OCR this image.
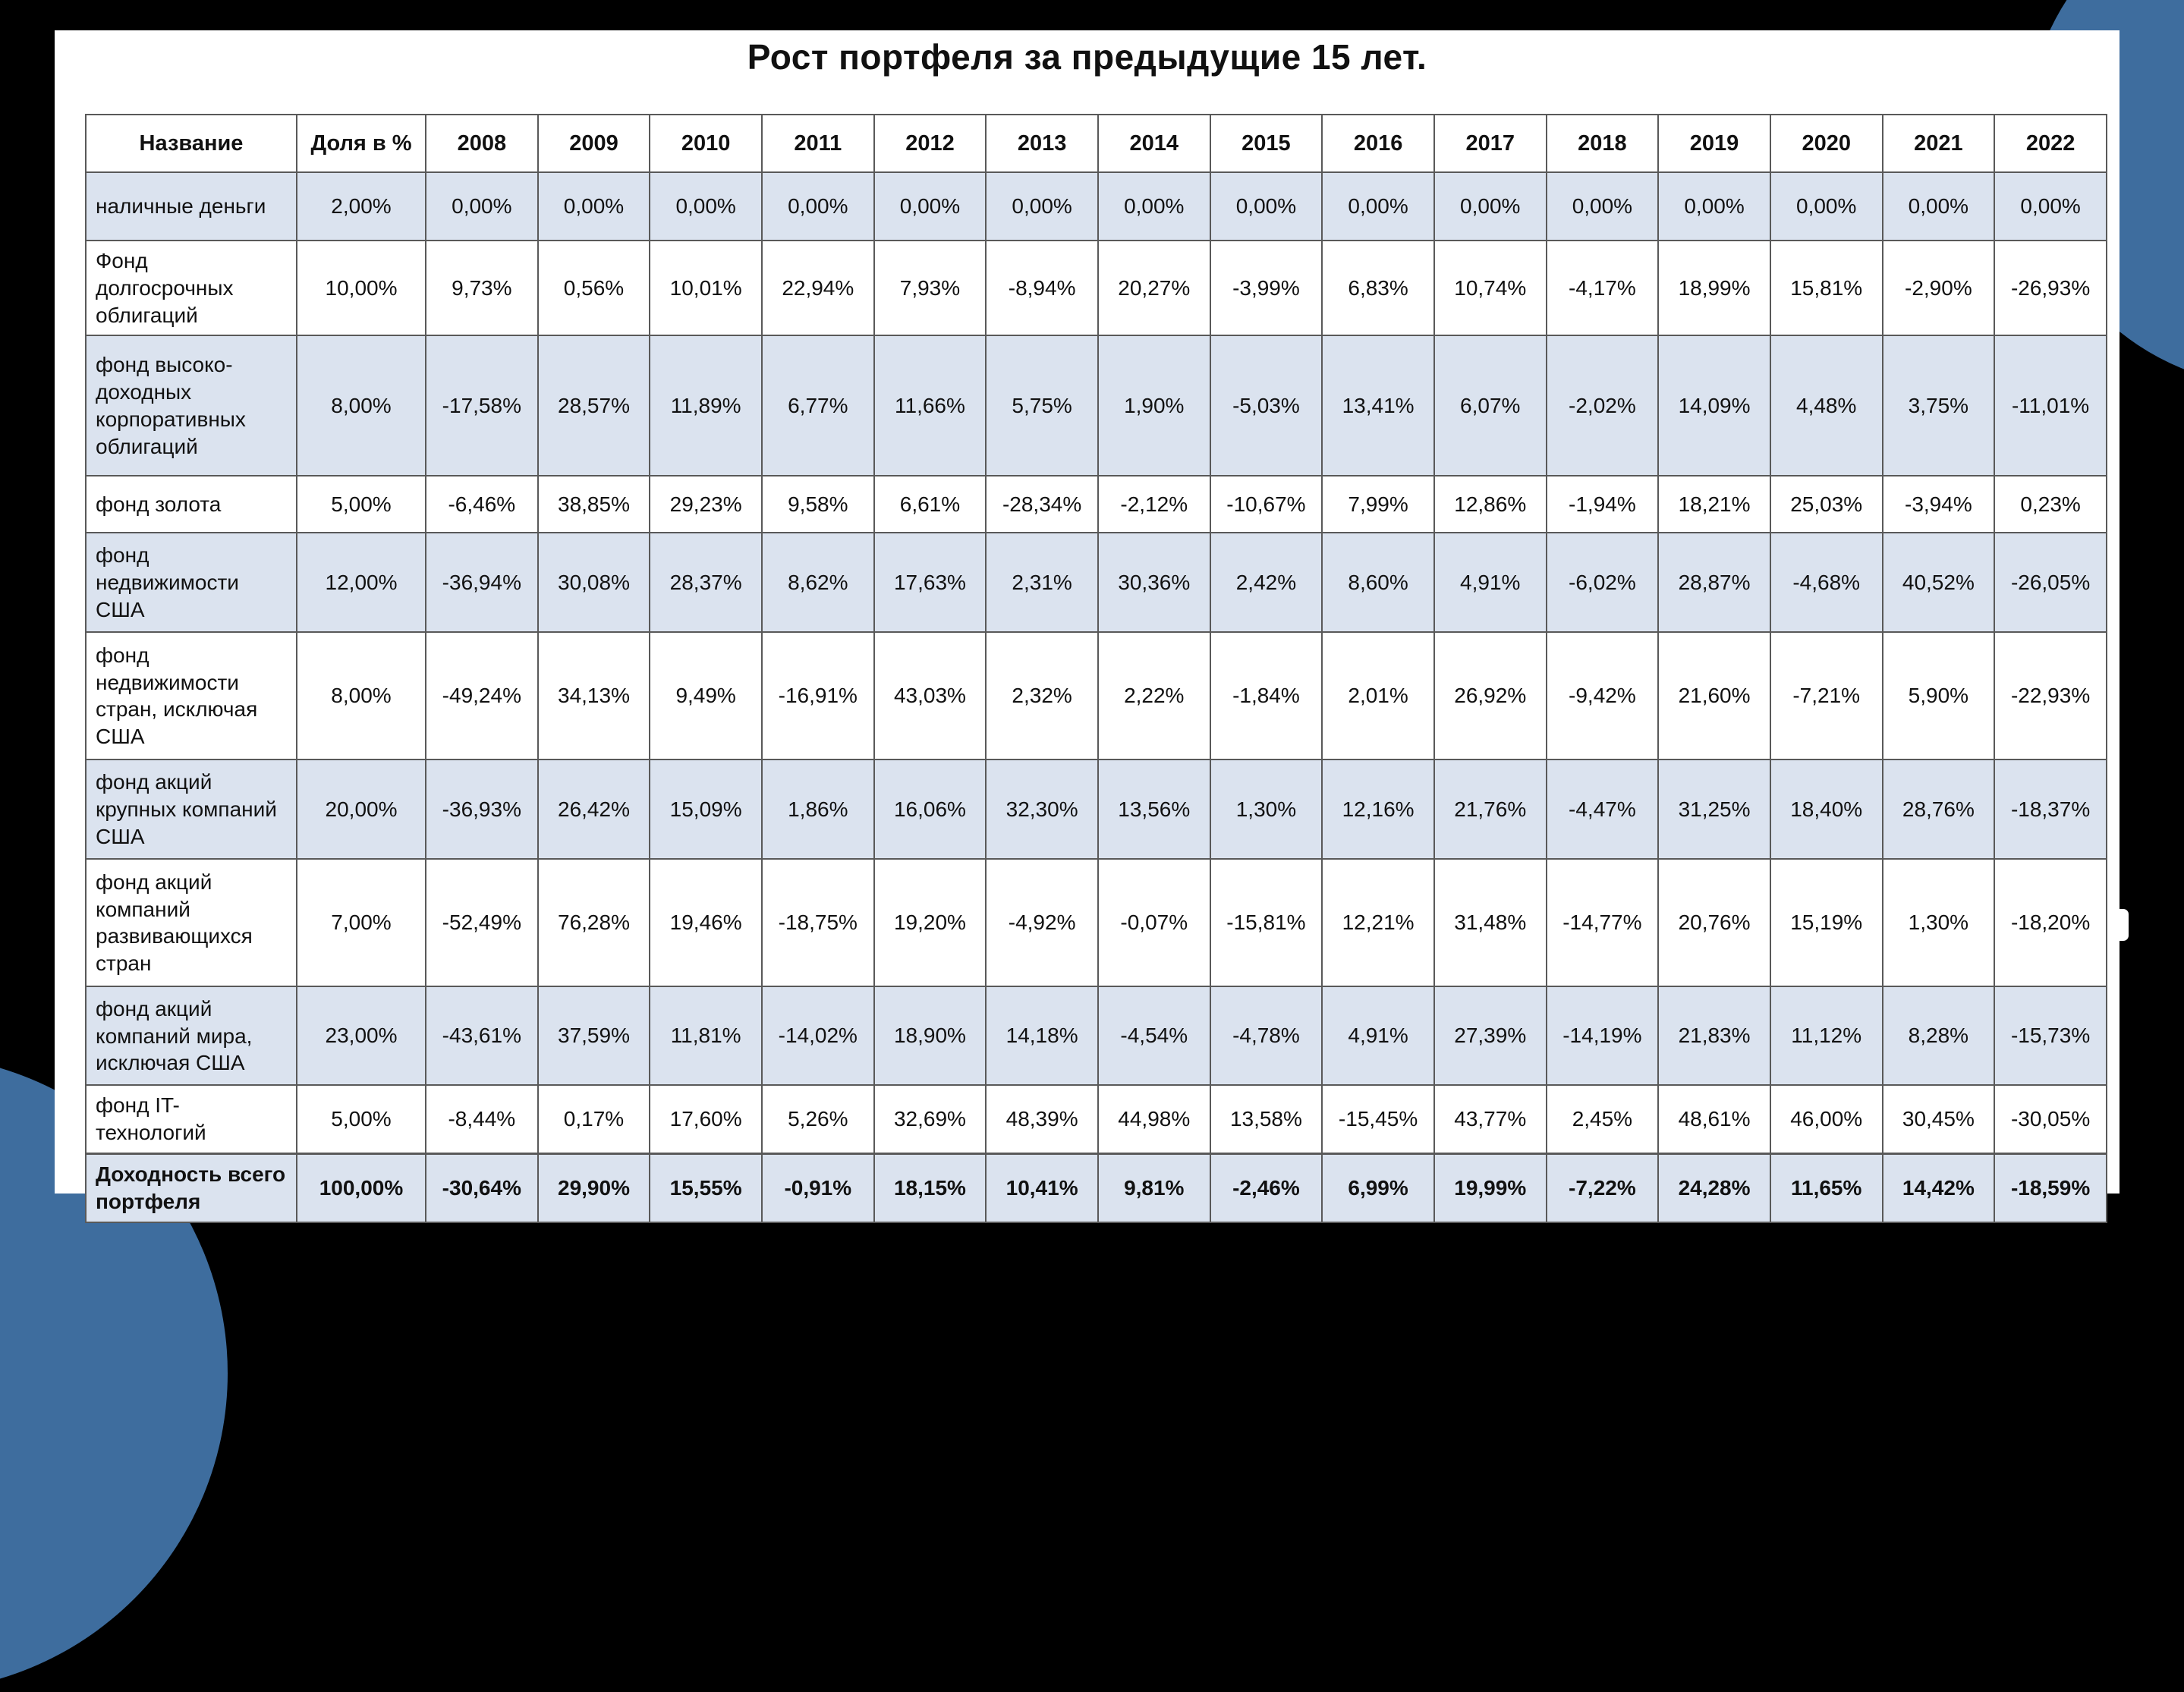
Рост портфеля за предыдущие 15 лет.
Название	Доля в %	2008	2009	2010	2011	2012	2013	2014	2015	2016	2017	2018	2019	2020	2021	2022
наличные деньги	2,00%	0,00%	0,00%	0,00%	0,00%	0,00%	0,00%	0,00%	0,00%	0,00%	0,00%	0,00%	0,00%	0,00%	0,00%	0,00%
Фонд долгосрочных облигаций	10,00%	9,73%	0,56%	10,01%	22,94%	7,93%	-8,94%	20,27%	-3,99%	6,83%	10,74%	-4,17%	18,99%	15,81%	-2,90%	-26,93%
фонд высоко-доходных корпоративных облигаций	8,00%	-17,58%	28,57%	11,89%	6,77%	11,66%	5,75%	1,90%	-5,03%	13,41%	6,07%	-2,02%	14,09%	4,48%	3,75%	-11,01%
фонд золота	5,00%	-6,46%	38,85%	29,23%	9,58%	6,61%	-28,34%	-2,12%	-10,67%	7,99%	12,86%	-1,94%	18,21%	25,03%	-3,94%	0,23%
фонд недвижимости США	12,00%	-36,94%	30,08%	28,37%	8,62%	17,63%	2,31%	30,36%	2,42%	8,60%	4,91%	-6,02%	28,87%	-4,68%	40,52%	-26,05%
фонд недвижимости стран, исключая США	8,00%	-49,24%	34,13%	9,49%	-16,91%	43,03%	2,32%	2,22%	-1,84%	2,01%	26,92%	-9,42%	21,60%	-7,21%	5,90%	-22,93%
фонд акций крупных компаний США	20,00%	-36,93%	26,42%	15,09%	1,86%	16,06%	32,30%	13,56%	1,30%	12,16%	21,76%	-4,47%	31,25%	18,40%	28,76%	-18,37%
фонд акций компаний развивающихся стран	7,00%	-52,49%	76,28%	19,46%	-18,75%	19,20%	-4,92%	-0,07%	-15,81%	12,21%	31,48%	-14,77%	20,76%	15,19%	1,30%	-18,20%
фонд акций компаний мира, исключая США	23,00%	-43,61%	37,59%	11,81%	-14,02%	18,90%	14,18%	-4,54%	-4,78%	4,91%	27,39%	-14,19%	21,83%	11,12%	8,28%	-15,73%
фонд IT-технологий	5,00%	-8,44%	0,17%	17,60%	5,26%	32,69%	48,39%	44,98%	13,58%	-15,45%	43,77%	2,45%	48,61%	46,00%	30,45%	-30,05%
Доходность всего портфеля	100,00%	-30,64%	29,90%	15,55%	-0,91%	18,15%	10,41%	9,81%	-2,46%	6,99%	19,99%	-7,22%	24,28%	11,65%	14,42%	-18,59%
